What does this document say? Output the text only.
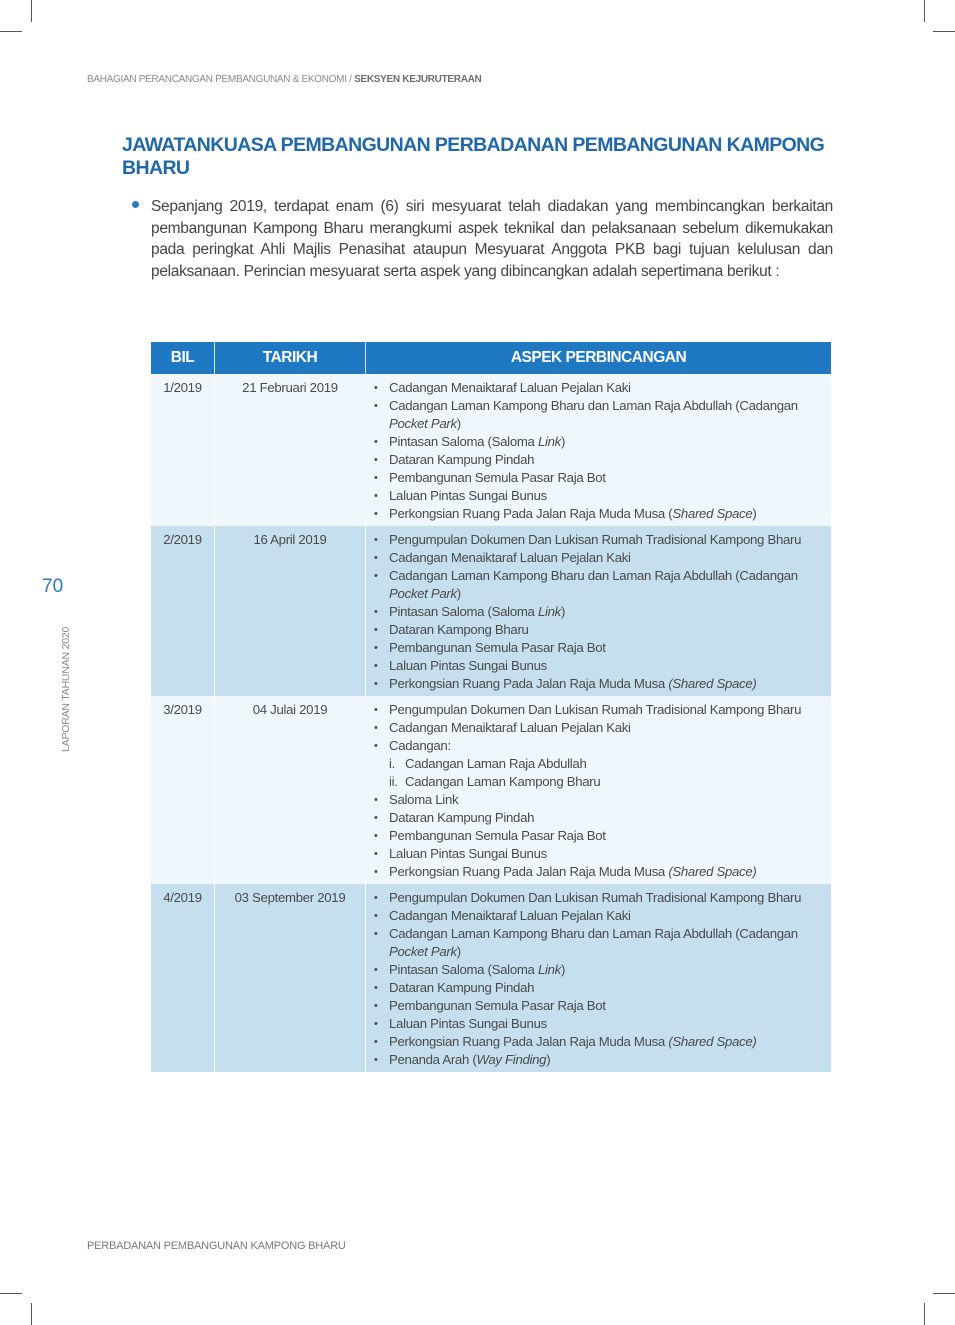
BAHAGIAN PERANCANGAN PEMBANGUNAN & EKONOMI / SEKSYEN KEJURUTERAAN
70
LAPORAN TAHUNAN 2020
JAWATANKUASA PEMBANGUNAN PERBADANAN PEMBANGUNAN KAMPONG BHARU

Sepanjang 2019, terdapat enam (6) siri mesyuarat telah diadakan yang membincangkan berkaitan pembangunan Kampong Bharu merangkumi aspek teknikal dan pelaksanaan sebelum dikemukakan pada peringkat Ahli Majlis Penasihat ataupun Mesyuarat Anggota PKB bagi tujuan kelulusan dan pelaksanaan. Perincian mesyuarat serta aspek yang dibincangkan adalah sepertimana berikut :

BIL	TARIKH	ASPEK PERBINCANGAN
1/2019	21 Februari 2019	
•Cadangan Menaiktaraf Laluan Pejalan Kaki
• Cadangan Laman Kampong Bharu dan Laman Raja Abdullah (Cadangan Pocket Park)
• Pintasan Saloma (Saloma Link)
• Dataran Kampung Pindah
• Pembangunan Semula Pasar Raja Bot
• Laluan Pintas Sungai Bunus
• Perkongsian Ruang Pada Jalan Raja Muda Musa (Shared Space)

2/2019	16 April 2019	
•Pengumpulan Dokumen Dan Lukisan Rumah Tradisional Kampong Bharu
• Cadangan Menaiktaraf Laluan Pejalan Kaki
• Cadangan Laman Kampong Bharu dan Laman Raja Abdullah (Cadangan Pocket Park)
• Pintasan Saloma (Saloma Link)
• Dataran Kampong Bharu
• Pembangunan Semula Pasar Raja Bot
• Laluan Pintas Sungai Bunus
• Perkongsian Ruang Pada Jalan Raja Muda Musa (Shared Space)

3/2019	04 Julai 2019	
•Pengumpulan Dokumen Dan Lukisan Rumah Tradisional Kampong Bharu
• Cadangan Menaiktaraf Laluan Pejalan Kaki
• Cadangan:
i. Cadangan Laman Raja Abdullah
ii. Cadangan Laman Kampong Bharu
• Saloma Link
• Dataran Kampung Pindah
• Pembangunan Semula Pasar Raja Bot
• Laluan Pintas Sungai Bunus
• Perkongsian Ruang Pada Jalan Raja Muda Musa (Shared Space)

4/2019	03 September 2019	
•Pengumpulan Dokumen Dan Lukisan Rumah Tradisional Kampong Bharu
• Cadangan Menaiktaraf Laluan Pejalan Kaki
• Cadangan Laman Kampong Bharu dan Laman Raja Abdullah (Cadangan Pocket Park)
• Pintasan Saloma (Saloma Link)
• Dataran Kampung Pindah
• Pembangunan Semula Pasar Raja Bot
• Laluan Pintas Sungai Bunus
• Perkongsian Ruang Pada Jalan Raja Muda Musa (Shared Space)
• Penanda Arah (Way Finding)
PERBADANAN PEMBANGUNAN KAMPONG BHARU
